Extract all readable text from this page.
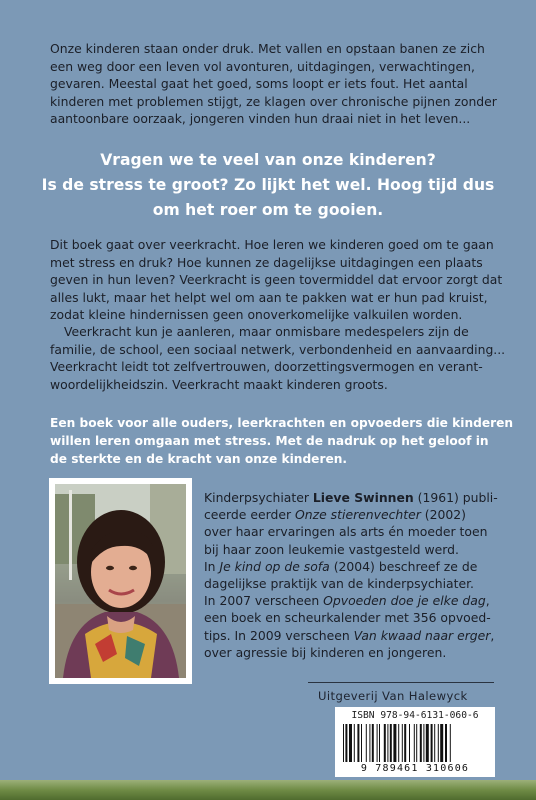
Onze kinderen staan onder druk. Met vallen en opstaan banen ze zich
een weg door een leven vol avonturen, uitdagingen, verwachtingen,
gevaren. Meestal gaat het goed, soms loopt er iets fout. Het aantal
kinderen met problemen stijgt, ze klagen over chronische pijnen zonder
aantoonbare oorzaak, jongeren vinden hun draai niet in het leven...
Vragen we te veel van onze kinderen?
Is de stress te groot? Zo lijkt het wel. Hoog tijd dus
om het roer om te gooien.
Dit boek gaat over veerkracht. Hoe leren we kinderen goed om te gaan
met stress en druk? Hoe kunnen ze dagelijkse uitdagingen een plaats
geven in hun leven? Veerkracht is geen tovermiddel dat ervoor zorgt dat
alles lukt, maar het helpt wel om aan te pakken wat er hun pad kruist,
zodat kleine hindernissen geen onoverkomelijke valkuilen worden.
Veerkracht kun je aanleren, maar onmisbare medespelers zijn de
familie, de school, een sociaal netwerk, verbondenheid en aanvaarding...
Veerkracht leidt tot zelfvertrouwen, doorzettingsvermogen en verant-
woordelijkheidszin. Veerkracht maakt kinderen groots.
Een boek voor alle ouders, leerkrachten en opvoeders die kinderen
willen leren omgaan met stress. Met de nadruk op het geloof in
de sterkte en de kracht van onze kinderen.
Kinderpsychiater Lieve Swinnen (1961) publi-
ceerde eerder Onze stierenvechter (2002)
over haar ervaringen als arts én moeder toen
bij haar zoon leukemie vastgesteld werd.
In Je kind op de sofa (2004) beschreef ze de
dagelijkse praktijk van de kinderpsychiater.
In 2007 verscheen Opvoeden doe je elke dag,
een boek en scheurkalender met 356 opvoed-
tips. In 2009 verscheen Van kwaad naar erger,
over agressie bij kinderen en jongeren.
Uitgeverij Van Halewyck
ISBN 978-94-6131-060-6
9 789461 310606
